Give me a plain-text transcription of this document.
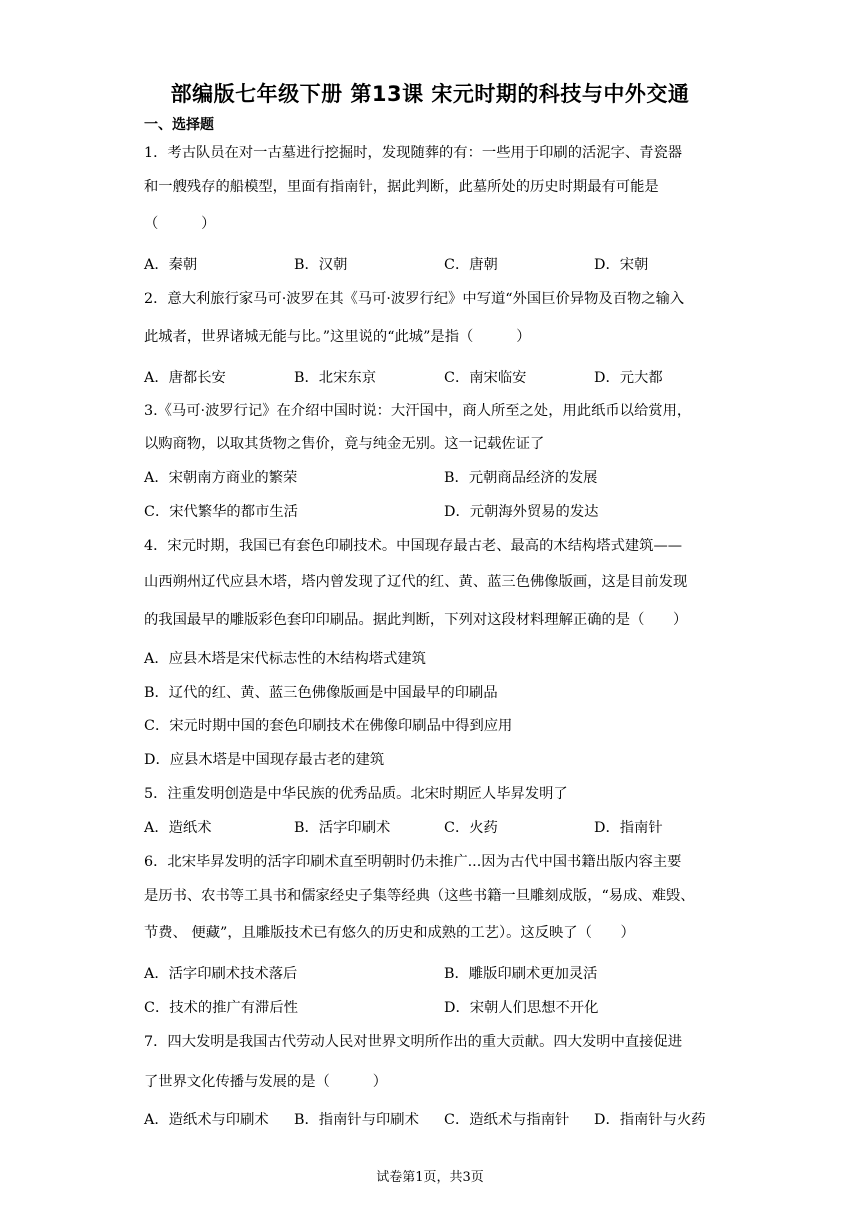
部编版七年级下册 第13课 宋元时期的科技与中外交通
一、选择题
1．考古队员在对一古墓进行挖掘时，发现随葬的有：一些用于印刷的活泥字、青瓷器
和一艘残存的船模型，里面有指南针，据此判断，此墓所处的历史时期最有可能是
（　　　）
A．秦朝	B．汉朝	C．唐朝	D．宋朝
2．意大利旅行家马可·波罗在其《马可·波罗行纪》中写道“外国巨价异物及百物之输入
此城者，世界诸城无能与比。”这里说的“此城”是指（　　　）
A．唐都长安	B．北宋东京	C．南宋临安	D．元大都
3.《马可·波罗行记》在介绍中国时说：大汗国中，商人所至之处，用此纸币以给赏用，
以购商物，以取其货物之售价，竟与纯金无别。这一记载佐证了
A．宋朝南方商业的繁荣	B．元朝商品经济的发展
C．宋代繁华的都市生活	D．元朝海外贸易的发达
4．宋元时期，我国已有套色印刷技术。中国现存最古老、最高的木结构塔式建筑——
山西朔州辽代应县木塔，塔内曾发现了辽代的红、黄、蓝三色佛像版画，这是目前发现
的我国最早的雕版彩色套印印刷品。据此判断，下列对这段材料理解正确的是（　　）
A．应县木塔是宋代标志性的木结构塔式建筑
B．辽代的红、黄、蓝三色佛像版画是中国最早的印刷品
C．宋元时期中国的套色印刷技术在佛像印刷品中得到应用
D．应县木塔是中国现存最古老的建筑
5．注重发明创造是中华民族的优秀品质。北宋时期匠人毕昇发明了
A．造纸术	B．活字印刷术	C．火药	D．指南针
6．北宋毕昇发明的活字印刷术直至明朝时仍未推广...因为古代中国书籍出版内容主要
是历书、农书等工具书和儒家经史子集等经典（这些书籍一旦雕刻成版，“易成、难毁、
节费、 便藏”，且雕版技术已有悠久的历史和成熟的工艺）。这反映了（　　）
A．活字印刷术技术落后	B．雕版印刷术更加灵活
C．技术的推广有滞后性	D．宋朝人们思想不开化
7．四大发明是我国古代劳动人民对世界文明所作出的重大贡献。四大发明中直接促进
了世界文化传播与发展的是（　　　）
A．造纸术与印刷术 B．指南针与印刷术 C．造纸术与指南针 D．指南针与火药
试卷第1页，共3页
